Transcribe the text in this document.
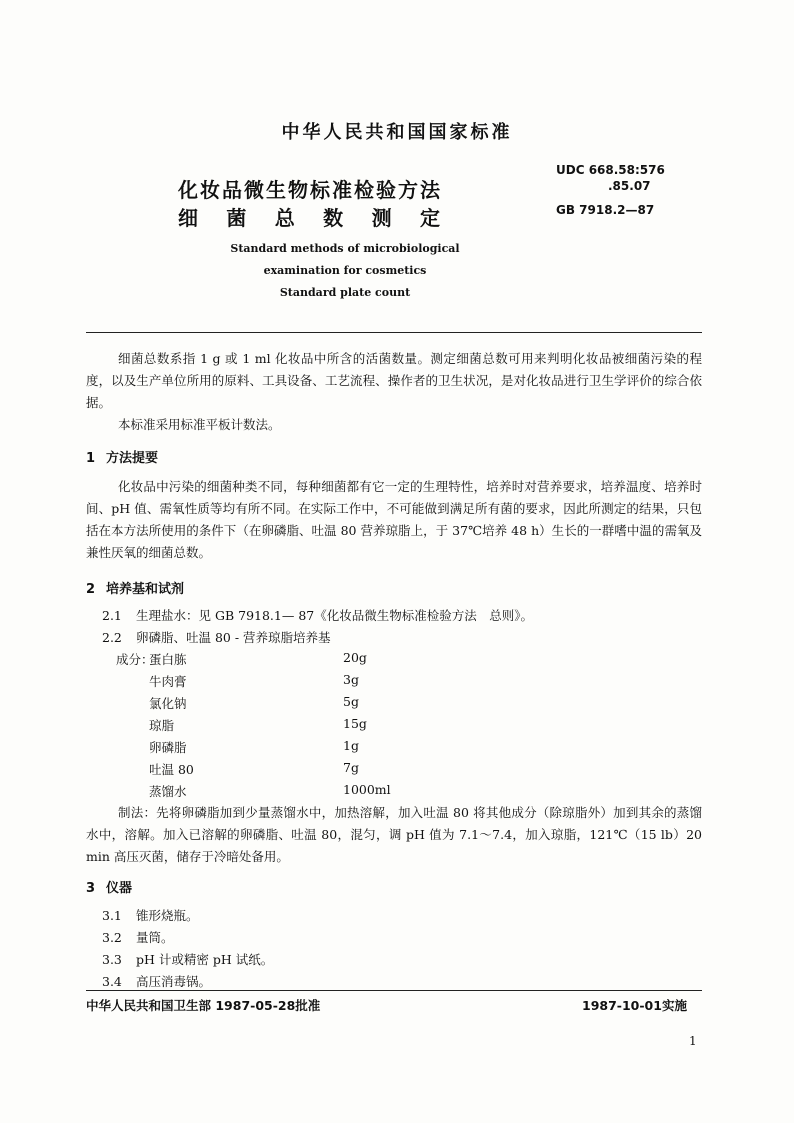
中华人民共和国国家标准
化妆品微生物标准检验方法
细 菌 总 数 测 定
UDC 668.58:576
.85.07
GB 7918.2—87
Standard methods of microbiological
examination for cosmetics
Standard plate count
细菌总数系指 1 g 或 1 ml 化妆品中所含的活菌数量。测定细菌总数可用来判明化妆品被细菌污染的程度，以及生产单位所用的原料、工具设备、工艺流程、操作者的卫生状况，是对化妆品进行卫生学评价的综合依据。
本标准采用标准平板计数法。
1 方法提要
化妆品中污染的细菌种类不同，每种细菌都有它一定的生理特性，培养时对营养要求，培养温度、培养时间、pH 值、需氧性质等均有所不同。在实际工作中，不可能做到满足所有菌的要求，因此所测定的结果，只包括在本方法所使用的条件下（在卵磷脂、吐温 80 营养琼脂上，于 37℃培养 48 h）生长的一群嗜中温的需氧及兼性厌氧的细菌总数。
2 培养基和试剂
2.1 生理盐水：见 GB 7918.1— 87《化妆品微生物标准检验方法　总则》。
2.2 卵磷脂、吐温 80 - 营养琼脂培养基
成分：
蛋白胨	20g
牛肉膏	3g
氯化钠	5g
琼脂	15g
卵磷脂	1g
吐温 80	7g
蒸馏水	1000ml
制法：先将卵磷脂加到少量蒸馏水中，加热溶解，加入吐温 80 将其他成分（除琼脂外）加到其余的蒸馏水中，溶解。加入已溶解的卵磷脂、吐温 80，混匀，调 pH 值为 7.1～7.4，加入琼脂，121℃（15 lb）20 min 高压灭菌，储存于冷暗处备用。
3 仪器
3.1 锥形烧瓶。
3.2 量筒。
3.3 pH 计或精密 pH 试纸。
3.4 高压消毒锅。
中华人民共和国卫生部 1987-05-28批准	1987-10-01实施
1
